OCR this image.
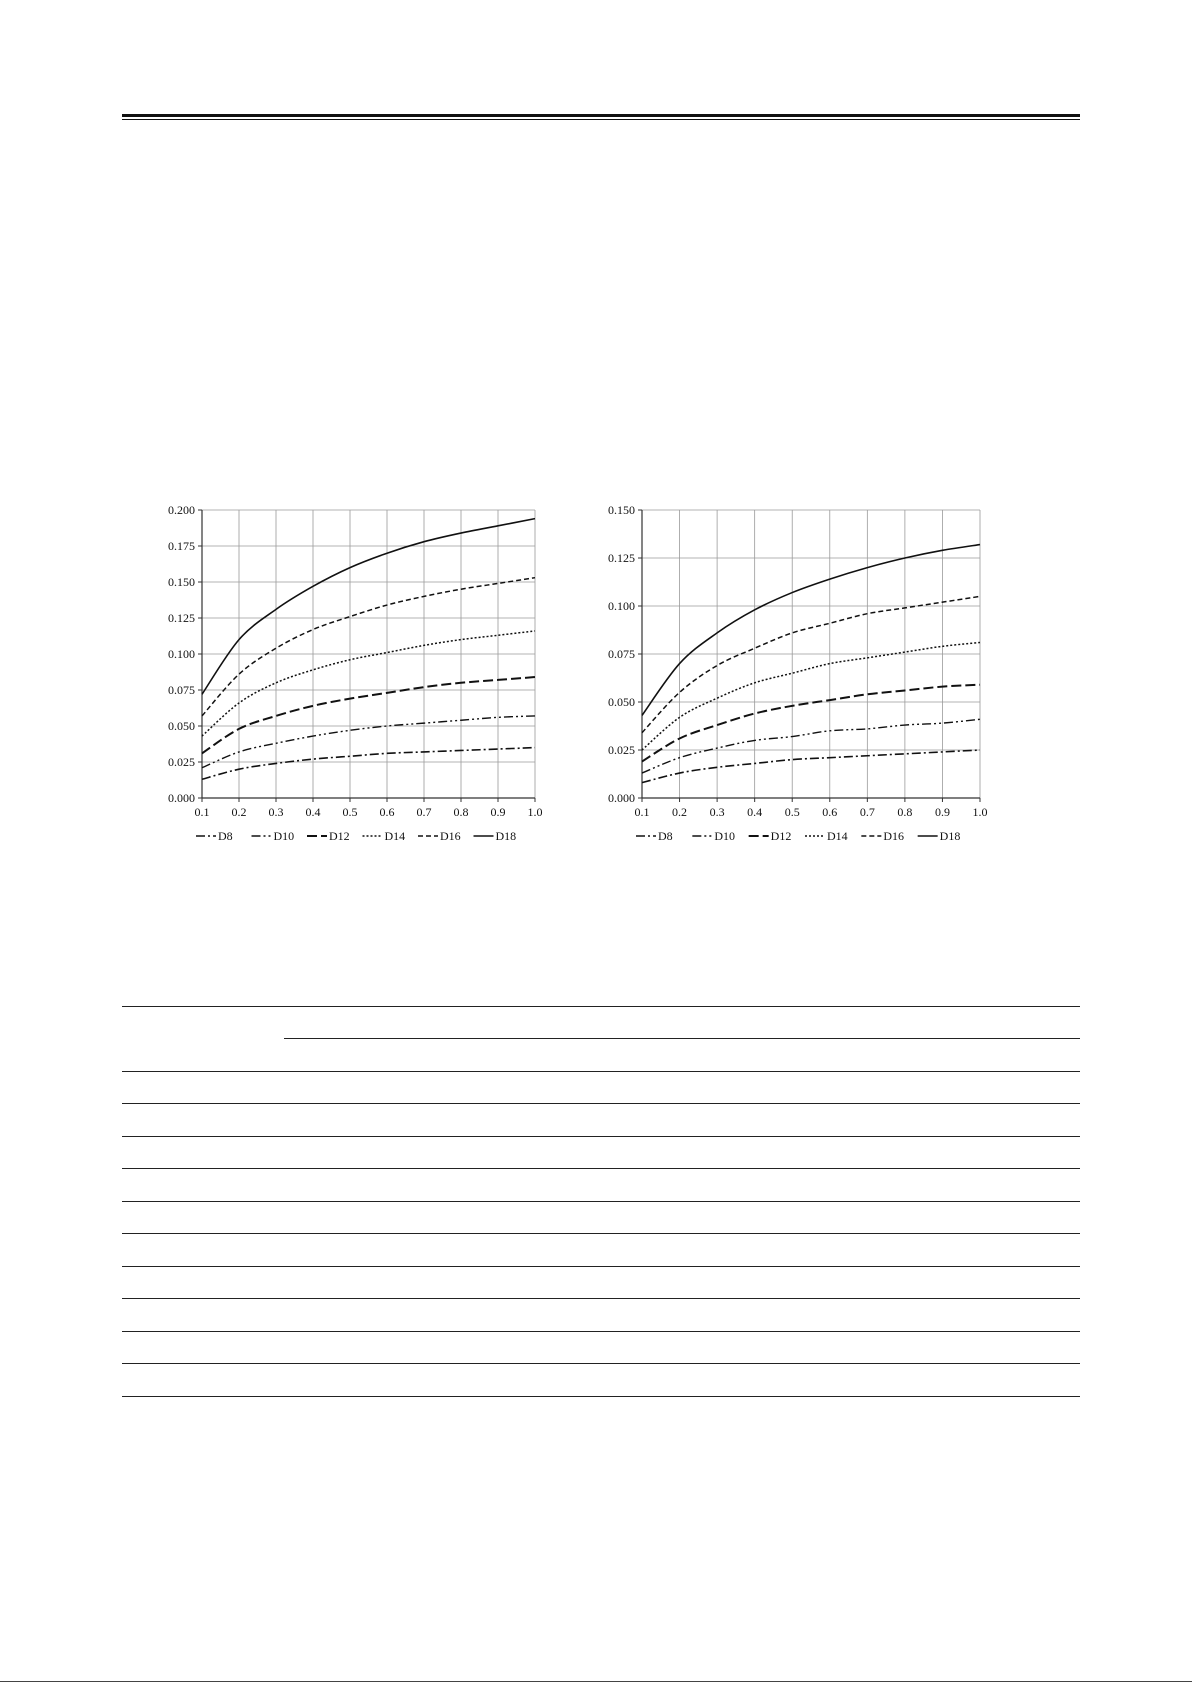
0.1 0.2 0.3 0.4 0.5 0.6 0.7 0.8 0.9 1.0
0.000
0.025
0.050
0.075
0.100
0.125
0.150
0.175
0.200
D8	D10	D12	D14	D16	D18
0.1 0.2 0.3 0.4 0.5 0.6 0.7 0.8 0.9 1.0
0.000
0.025
0.050
0.075
0.100
0.125
0.150
D8	D10	D12	D14	D16	D18
